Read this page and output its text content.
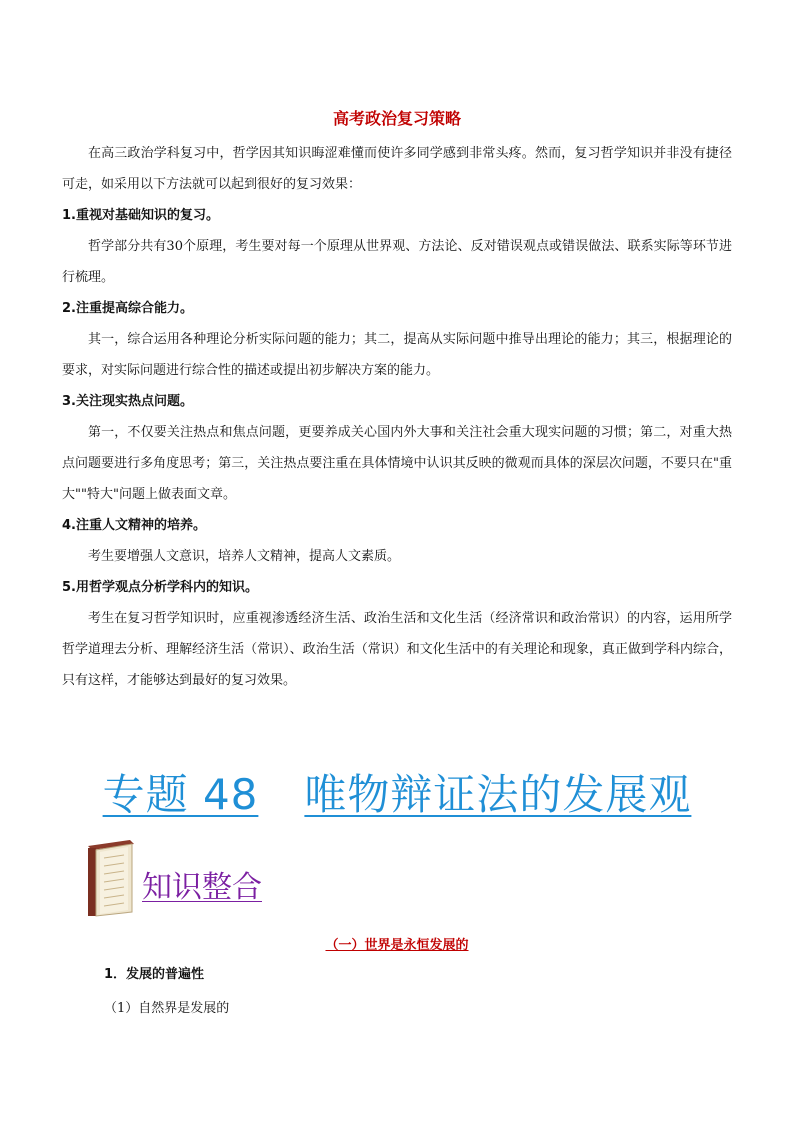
高考政治复习策略

在高三政治学科复习中，哲学因其知识晦涩难懂而使许多同学感到非常头疼。然而，复习哲学知识并非没有捷径可走，如采用以下方法就可以起到很好的复习效果：

1.重视对基础知识的复习。

哲学部分共有30个原理，考生要对每一个原理从世界观、方法论、反对错误观点或错误做法、联系实际等环节进行梳理。

2.注重提高综合能力。

其一，综合运用各种理论分析实际问题的能力；其二，提高从实际问题中推导出理论的能力；其三，根据理论的要求，对实际问题进行综合性的描述或提出初步解决方案的能力。

3.关注现实热点问题。

第一，不仅要关注热点和焦点问题，更要养成关心国内外大事和关注社会重大现实问题的习惯；第二，对重大热点问题要进行多角度思考；第三，关注热点要注重在具体情境中认识其反映的微观而具体的深层次问题，不要只在"重大""特大"问题上做表面文章。

4.注重人文精神的培养。

考生要增强人文意识，培养人文精神，提高人文素质。

5.用哲学观点分析学科内的知识。

考生在复习哲学知识时，应重视渗透经济生活、政治生活和文化生活（经济常识和政治常识）的内容，运用所学哲学道理去分析、理解经济生活（常识）、政治生活（常识）和文化生活中的有关理论和现象，真正做到学科内综合，只有这样，才能够达到最好的复习效果。

专题 48 唯物辩证法的发展观
知识整合
（一）世界是永恒发展的
1．发展的普遍性
（1）自然界是发展的
